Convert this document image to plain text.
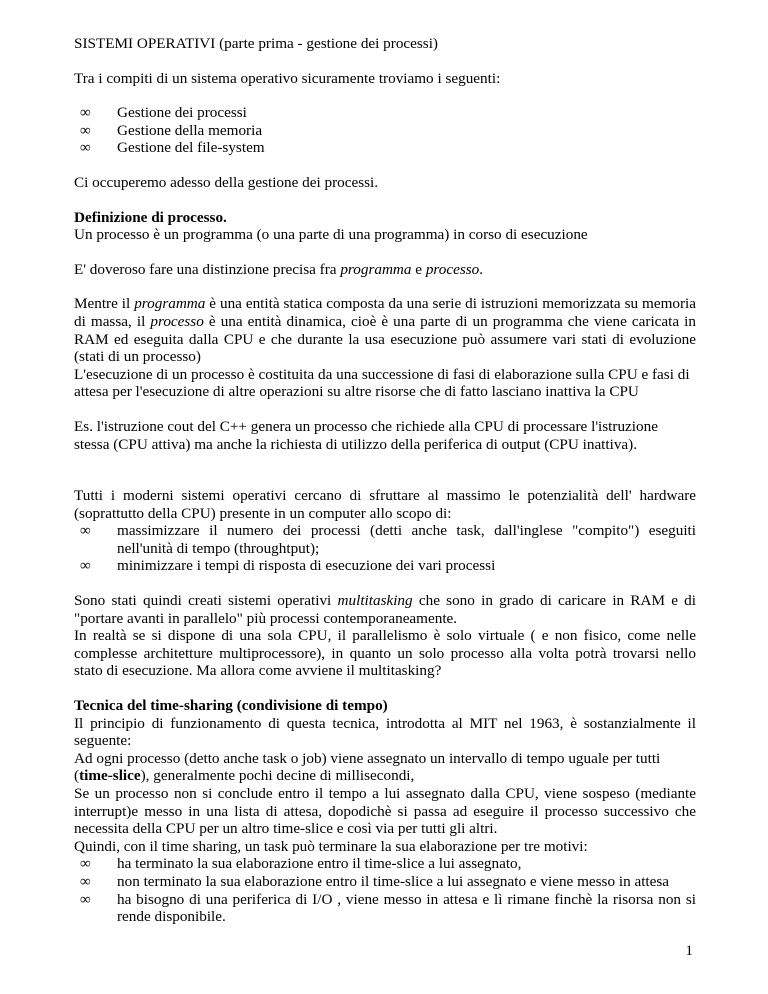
SISTEMI OPERATIVI (parte prima - gestione dei processi)

Tra i compiti di un sistema operativo sicuramente troviamo i seguenti:

∞ Gestione dei processi
∞ Gestione della memoria
∞ Gestione del file-system

Ci occuperemo adesso della gestione dei processi.

Definizione di processo.

Un processo è un programma (o una parte di una programma) in corso di esecuzione

E' doveroso fare una distinzione precisa fra programma e processo.

Mentre il programma è una entità statica composta da una serie di istruzioni memorizzata su memoria di massa, il processo è una entità dinamica, cioè è una parte di un programma che viene caricata in RAM ed eseguita dalla CPU e che durante la usa esecuzione può assumere vari stati di evoluzione (stati di un processo)

L'esecuzione di un processo è costituita da una successione di fasi di elaborazione sulla CPU e fasi di attesa per l'esecuzione di altre operazioni su altre risorse che di fatto lasciano inattiva la CPU

Es. l'istruzione cout del C++ genera un processo che richiede alla CPU di processare l'istruzione stessa (CPU attiva) ma anche la richiesta di utilizzo della periferica di output (CPU inattiva).

Tutti i moderni sistemi operativi cercano di sfruttare al massimo le potenzialità dell' hardware (soprattutto della CPU) presente in un computer allo scopo di:

∞ massimizzare il numero dei processi (detti anche task, dall'inglese "compito") eseguiti nell'unità di tempo (throughtput);
∞ minimizzare i tempi di risposta di esecuzione dei vari processi

Sono stati quindi creati sistemi operativi multitasking che sono in grado di caricare in RAM e di "portare avanti in parallelo" più processi contemporaneamente.

In realtà se si dispone di una sola CPU, il parallelismo è solo virtuale ( e non fisico, come nelle complesse architetture multiprocessore), in quanto un solo processo alla volta potrà trovarsi nello stato di esecuzione. Ma allora come avviene il multitasking?

Tecnica del time-sharing (condivisione di tempo)

Il principio di funzionamento di questa tecnica, introdotta al MIT nel 1963, è sostanzialmente il seguente:

Ad ogni processo (detto anche task o job) viene assegnato un intervallo di tempo uguale per tutti (time-slice), generalmente pochi decine di millisecondi,

Se un processo non si conclude entro il tempo a lui assegnato dalla CPU, viene sospeso (mediante interrupt)e messo in una lista di attesa, dopodichè si passa ad eseguire il processo successivo che necessita della CPU per un altro time-slice e così via per tutti gli altri.

Quindi, con il time sharing, un task può terminare la sua elaborazione per tre motivi:

∞ ha terminato la sua elaborazione entro il time-slice a lui assegnato,
∞ non terminato la sua elaborazione entro il time-slice a lui assegnato e viene messo in attesa
∞ ha bisogno di una periferica di I/O , viene messo in attesa e lì rimane finchè la risorsa non si rende disponibile.
1
